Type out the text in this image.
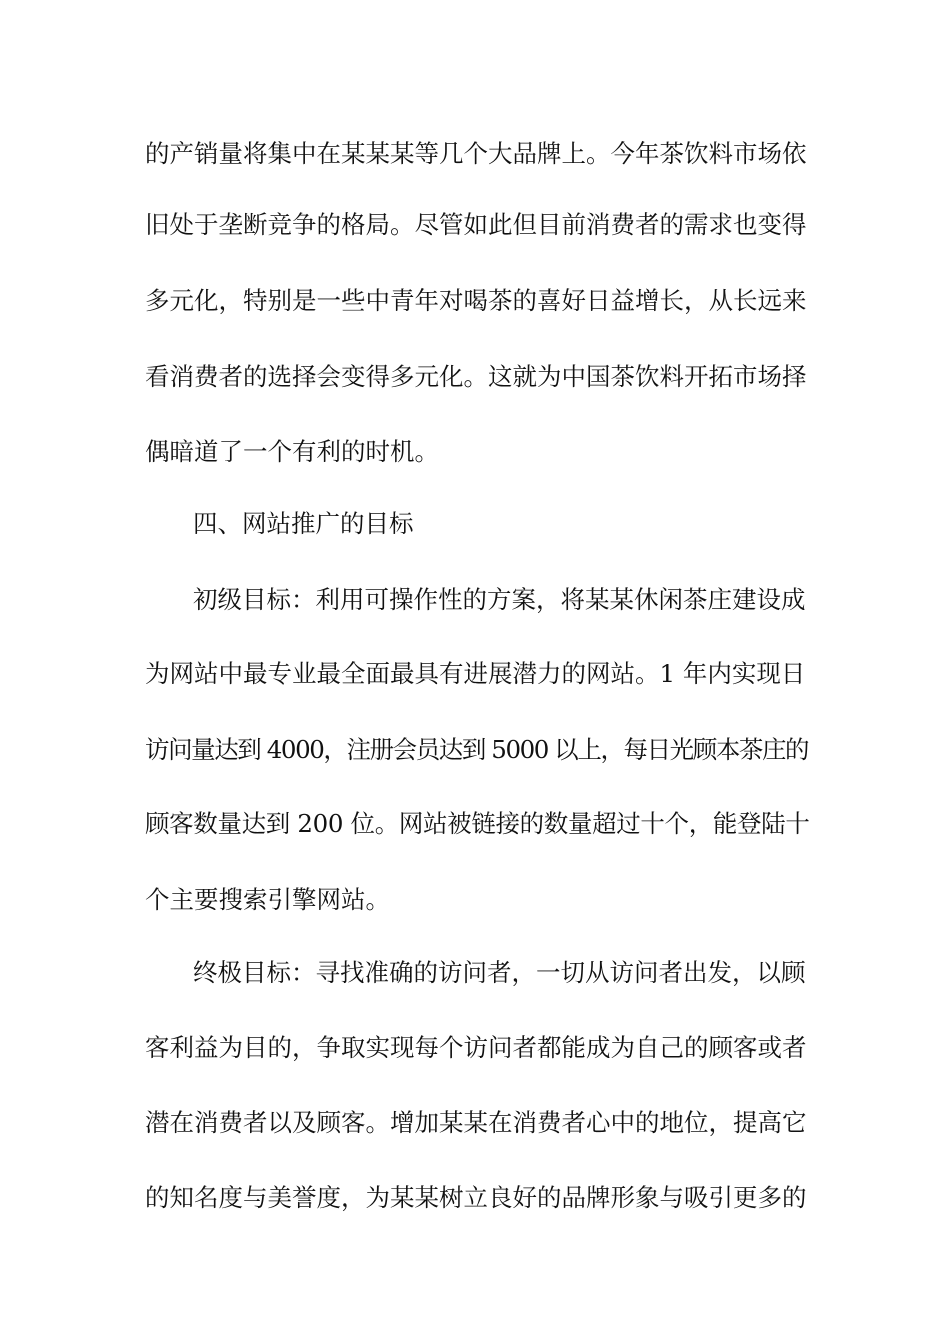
的产销量将集中在某某某等几个大品牌上。今年茶饮料市场依
旧处于垄断竞争的格局。尽管如此但目前消费者的需求也变得
多元化，特别是一些中青年对喝茶的喜好日益增长，从长远来
看消费者的选择会变得多元化。这就为中国茶饮料开拓市场择
偶暗道了一个有利的时机。
四、网站推广的目标
初级目标：利用可操作性的方案，将某某休闲茶庄建设成
为网站中最专业最全面最具有进展潜力的网站。1 年内实现日
访问量达到 4000，注册会员达到 5000 以上，每日光顾本茶庄的
顾客数量达到 200 位。网站被链接的数量超过十个，能登陆十
个主要搜索引擎网站。
终极目标：寻找准确的访问者，一切从访问者出发，以顾
客利益为目的，争取实现每个访问者都能成为自己的顾客或者
潜在消费者以及顾客。增加某某在消费者心中的地位，提高它
的知名度与美誉度，为某某树立良好的品牌形象与吸引更多的
